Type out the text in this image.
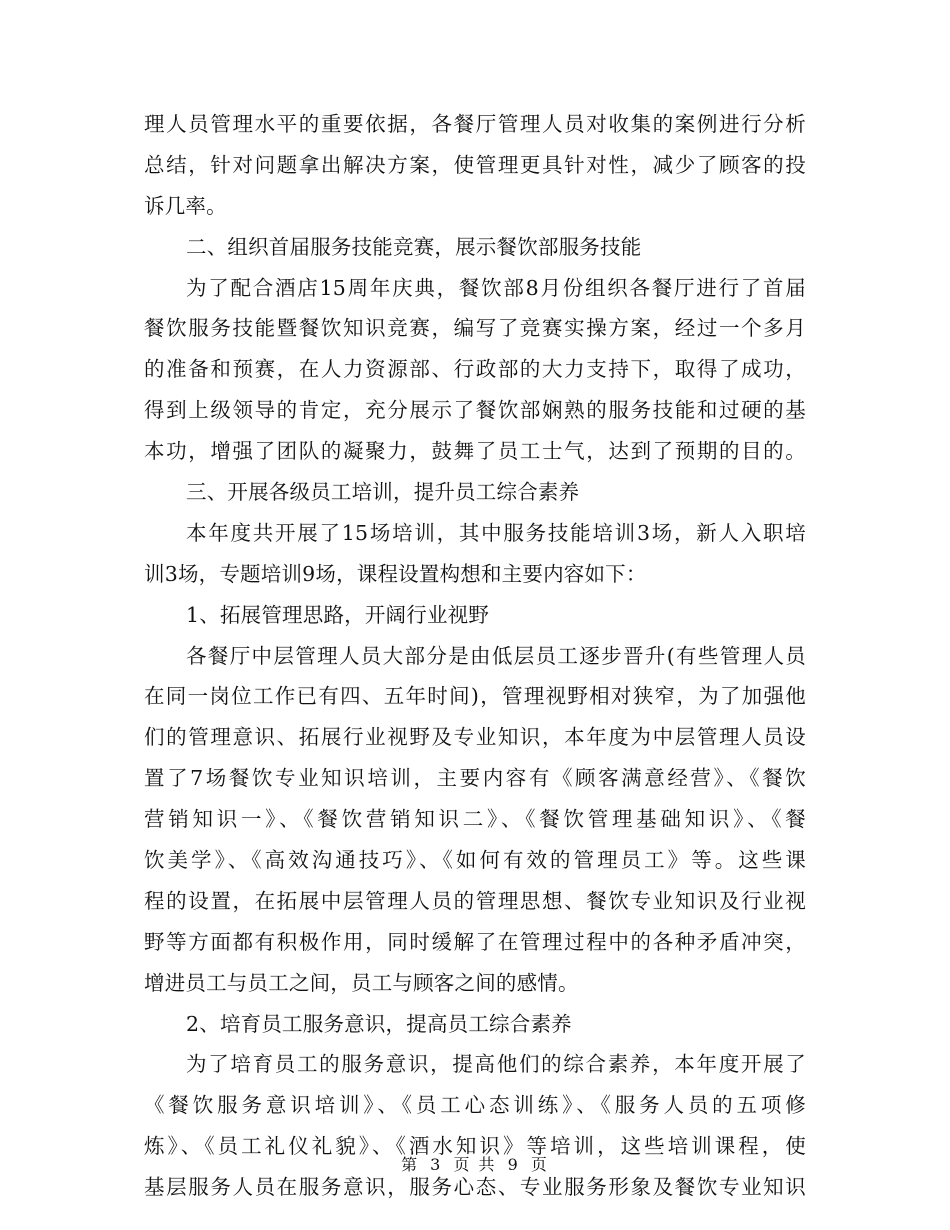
理人员管理水平的重要依据，各餐厅管理人员对收集的案例进行分析
总结，针对问题拿出解决方案，使管理更具针对性，减少了顾客的投
诉几率。
二、组织首届服务技能竞赛，展示餐饮部服务技能
为了配合酒店15周年庆典，餐饮部8月份组织各餐厅进行了首届
餐饮服务技能暨餐饮知识竞赛，编写了竞赛实操方案，经过一个多月
的准备和预赛，在人力资源部、行政部的大力支持下，取得了成功，
得到上级领导的肯定，充分展示了餐饮部娴熟的服务技能和过硬的基
本功，增强了团队的凝聚力，鼓舞了员工士气，达到了预期的目的。
三、开展各级员工培训，提升员工综合素养
本年度共开展了15场培训，其中服务技能培训3场，新人入职培
训3场，专题培训9场，课程设置构想和主要内容如下：
1、拓展管理思路，开阔行业视野
各餐厅中层管理人员大部分是由低层员工逐步晋升(有些管理人员
在同一岗位工作已有四、五年时间)，管理视野相对狭窄，为了加强他
们的管理意识、拓展行业视野及专业知识，本年度为中层管理人员设
置了7场餐饮专业知识培训，主要内容有《顾客满意经营》、《餐饮
营销知识一》、《餐饮营销知识二》、《餐饮管理基础知识》、《餐
饮美学》、《高效沟通技巧》、《如何有效的管理员工》等。这些课
程的设置，在拓展中层管理人员的管理思想、餐饮专业知识及行业视
野等方面都有积极作用，同时缓解了在管理过程中的各种矛盾冲突，
增进员工与员工之间，员工与顾客之间的感情。
2、培育员工服务意识，提高员工综合素养
为了培育员工的服务意识，提高他们的综合素养，本年度开展了
《餐饮服务意识培训》、《员工心态训练》、《服务人员的五项修
炼》、《员工礼仪礼貌》、《酒水知识》等培训，这些培训课程，使
基层服务人员在服务意识，服务心态、专业服务形象及餐饮专业知识
第 3 页 共 9 页
